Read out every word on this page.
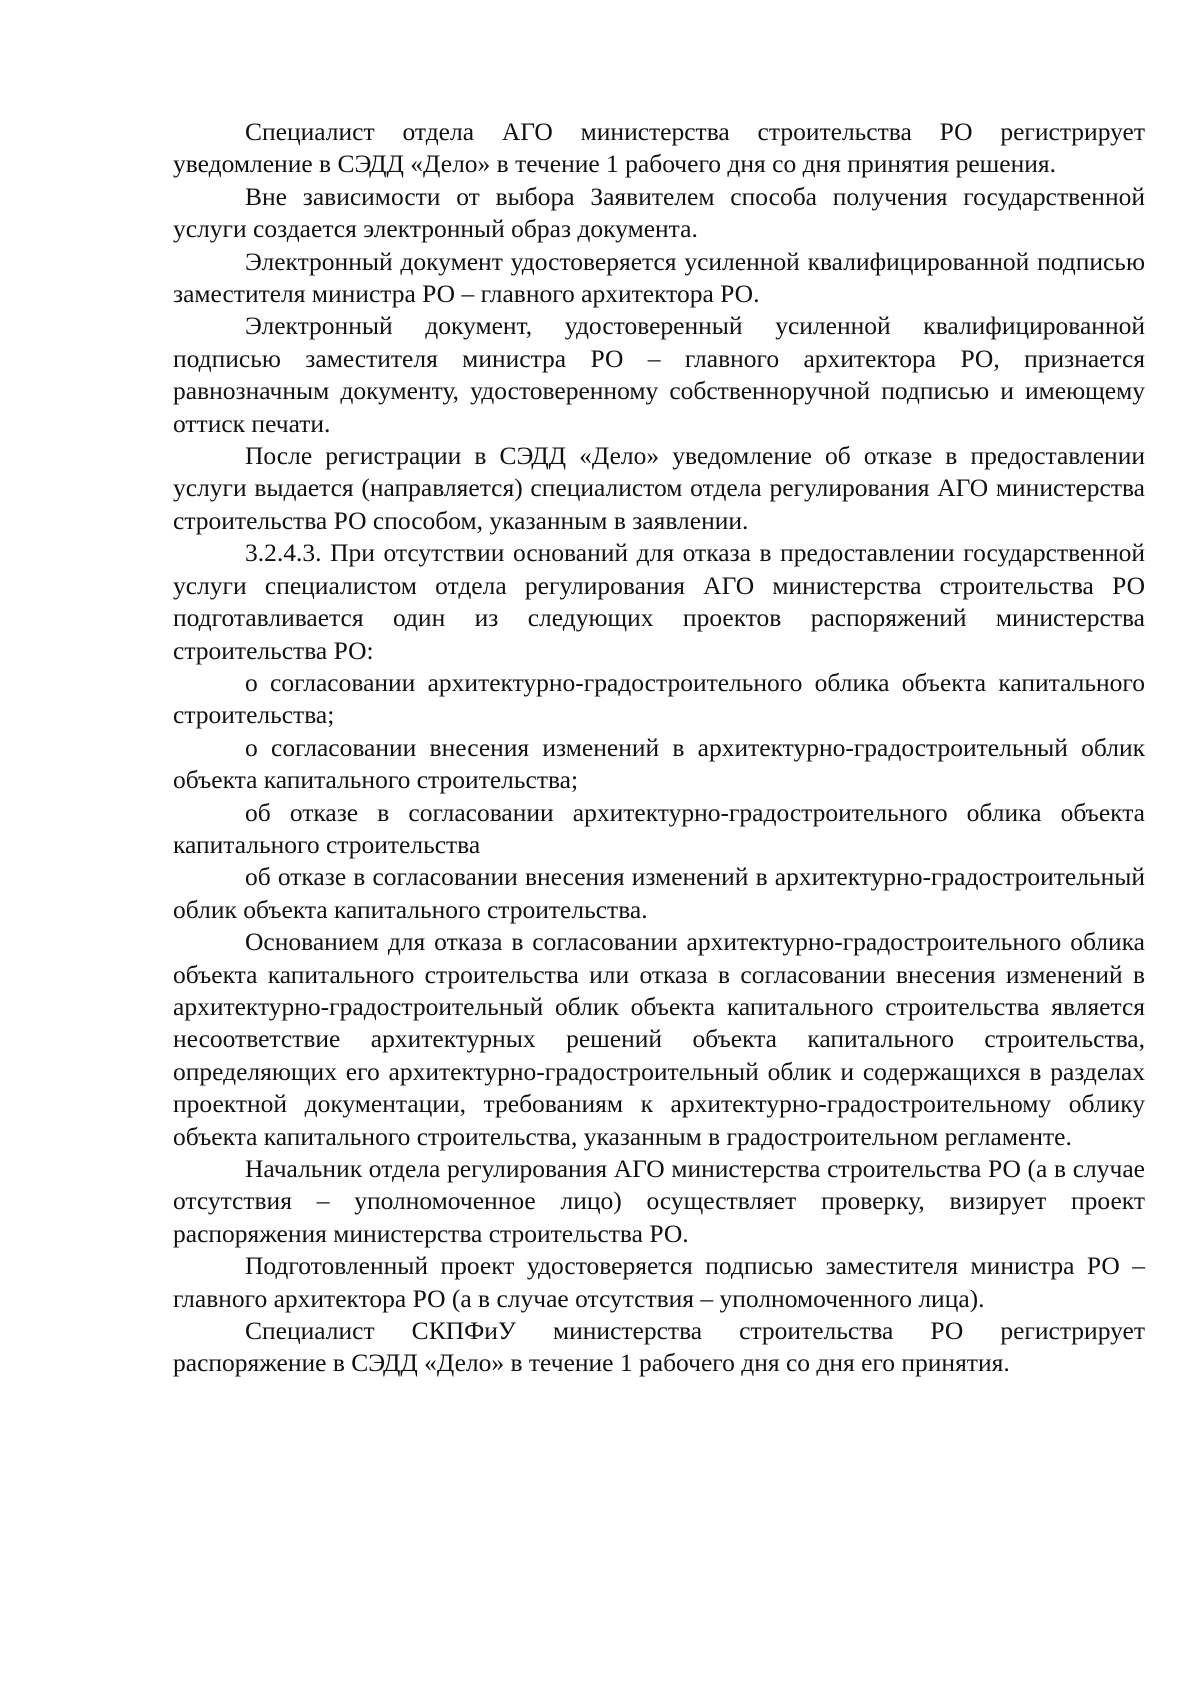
Специалист отдела АГО министерства строительства РО регистрирует уведомление в СЭДД «Дело» в течение 1 рабочего дня со дня принятия решения.

Вне зависимости от выбора Заявителем способа получения государственной услуги создается электронный образ документа.

Электронный документ удостоверяется усиленной квалифицированной подписью заместителя министра РО – главного архитектора РО.

Электронный документ, удостоверенный усиленной квалифицированной подписью заместителя министра РО – главного архитектора РО, признается равнозначным документу, удостоверенному собственноручной подписью и имеющему оттиск печати.

После регистрации в СЭДД «Дело» уведомление об отказе в предоставлении услуги выдается (направляется) специалистом отдела регулирования АГО министерства строительства РО способом, указанным в заявлении.

3.2.4.3. При отсутствии оснований для отказа в предоставлении государственной услуги специалистом отдела регулирования АГО министерства строительства РО подготавливается один из следующих проектов распоряжений министерства строительства РО:

о согласовании архитектурно-градостроительного облика объекта капитального строительства;

о согласовании внесения изменений в архитектурно-градостроительный облик объекта капитального строительства;

об отказе в согласовании архитектурно-градостроительного облика объекта капитального строительства

об отказе в согласовании внесения изменений в архитектурно-градостроительный облик объекта капитального строительства.

Основанием для отказа в согласовании архитектурно-градостроительного облика объекта капитального строительства или отказа в согласовании внесения изменений в архитектурно-градостроительный облик объекта капитального строительства является несоответствие архитектурных решений объекта капитального строительства, определяющих его архитектурно-градостроительный облик и содержащихся в разделах проектной документации, требованиям к архитектурно-градостроительному облику объекта капитального строительства, указанным в градостроительном регламенте.

Начальник отдела регулирования АГО министерства строительства РО (а в случае отсутствия – уполномоченное лицо) осуществляет проверку, визирует проект распоряжения министерства строительства РО.

Подготовленный проект удостоверяется подписью заместителя министра РО – главного архитектора РО (а в случае отсутствия – уполномоченного лица).

Специалист СКПФиУ министерства строительства РО регистрирует распоряжение в СЭДД «Дело» в течение 1 рабочего дня со дня его принятия.
